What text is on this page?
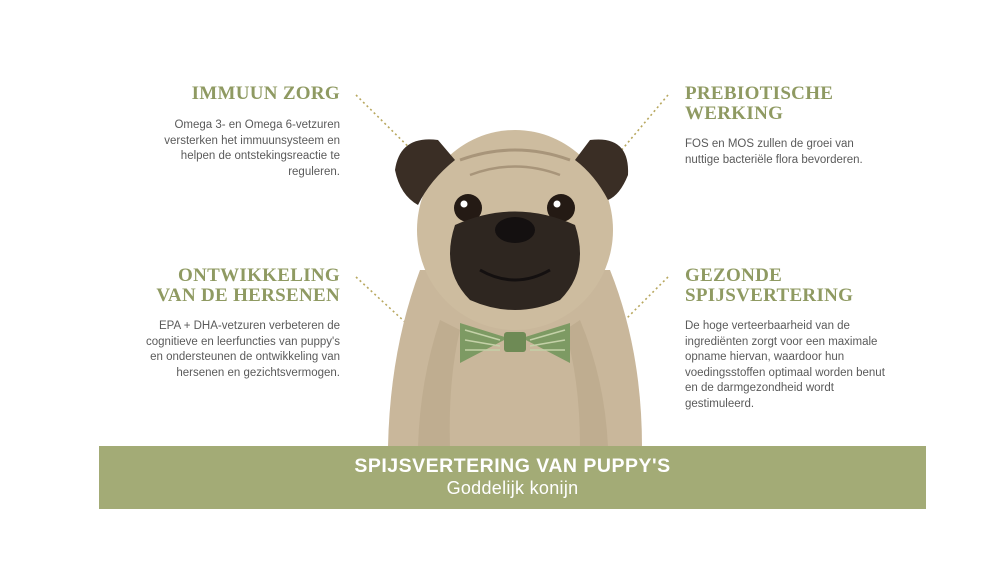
IMMUUN ZORG

Omega 3- en Omega 6-vetzuren versterken het immuunsysteem en helpen de ontstekingsreactie te reguleren.

ONTWIKKELING
VAN DE HERSENEN

EPA + DHA-vetzuren verbeteren de cognitieve en leerfuncties van puppy's en ondersteunen de ontwikkeling van hersenen en gezichtsvermogen.

PREBIOTISCHE
WERKING

FOS en MOS zullen de groei van nuttige bacteriële flora bevorderen.

GEZONDE
SPIJSVERTERING

De hoge verteerbaarheid van de ingrediënten zorgt voor een maximale opname hiervan, waardoor hun voedingsstoffen optimaal worden benut en de darmgezondheid wordt gestimuleerd.

SPIJSVERTERING VAN PUPPY'S
Goddelijk konijn
